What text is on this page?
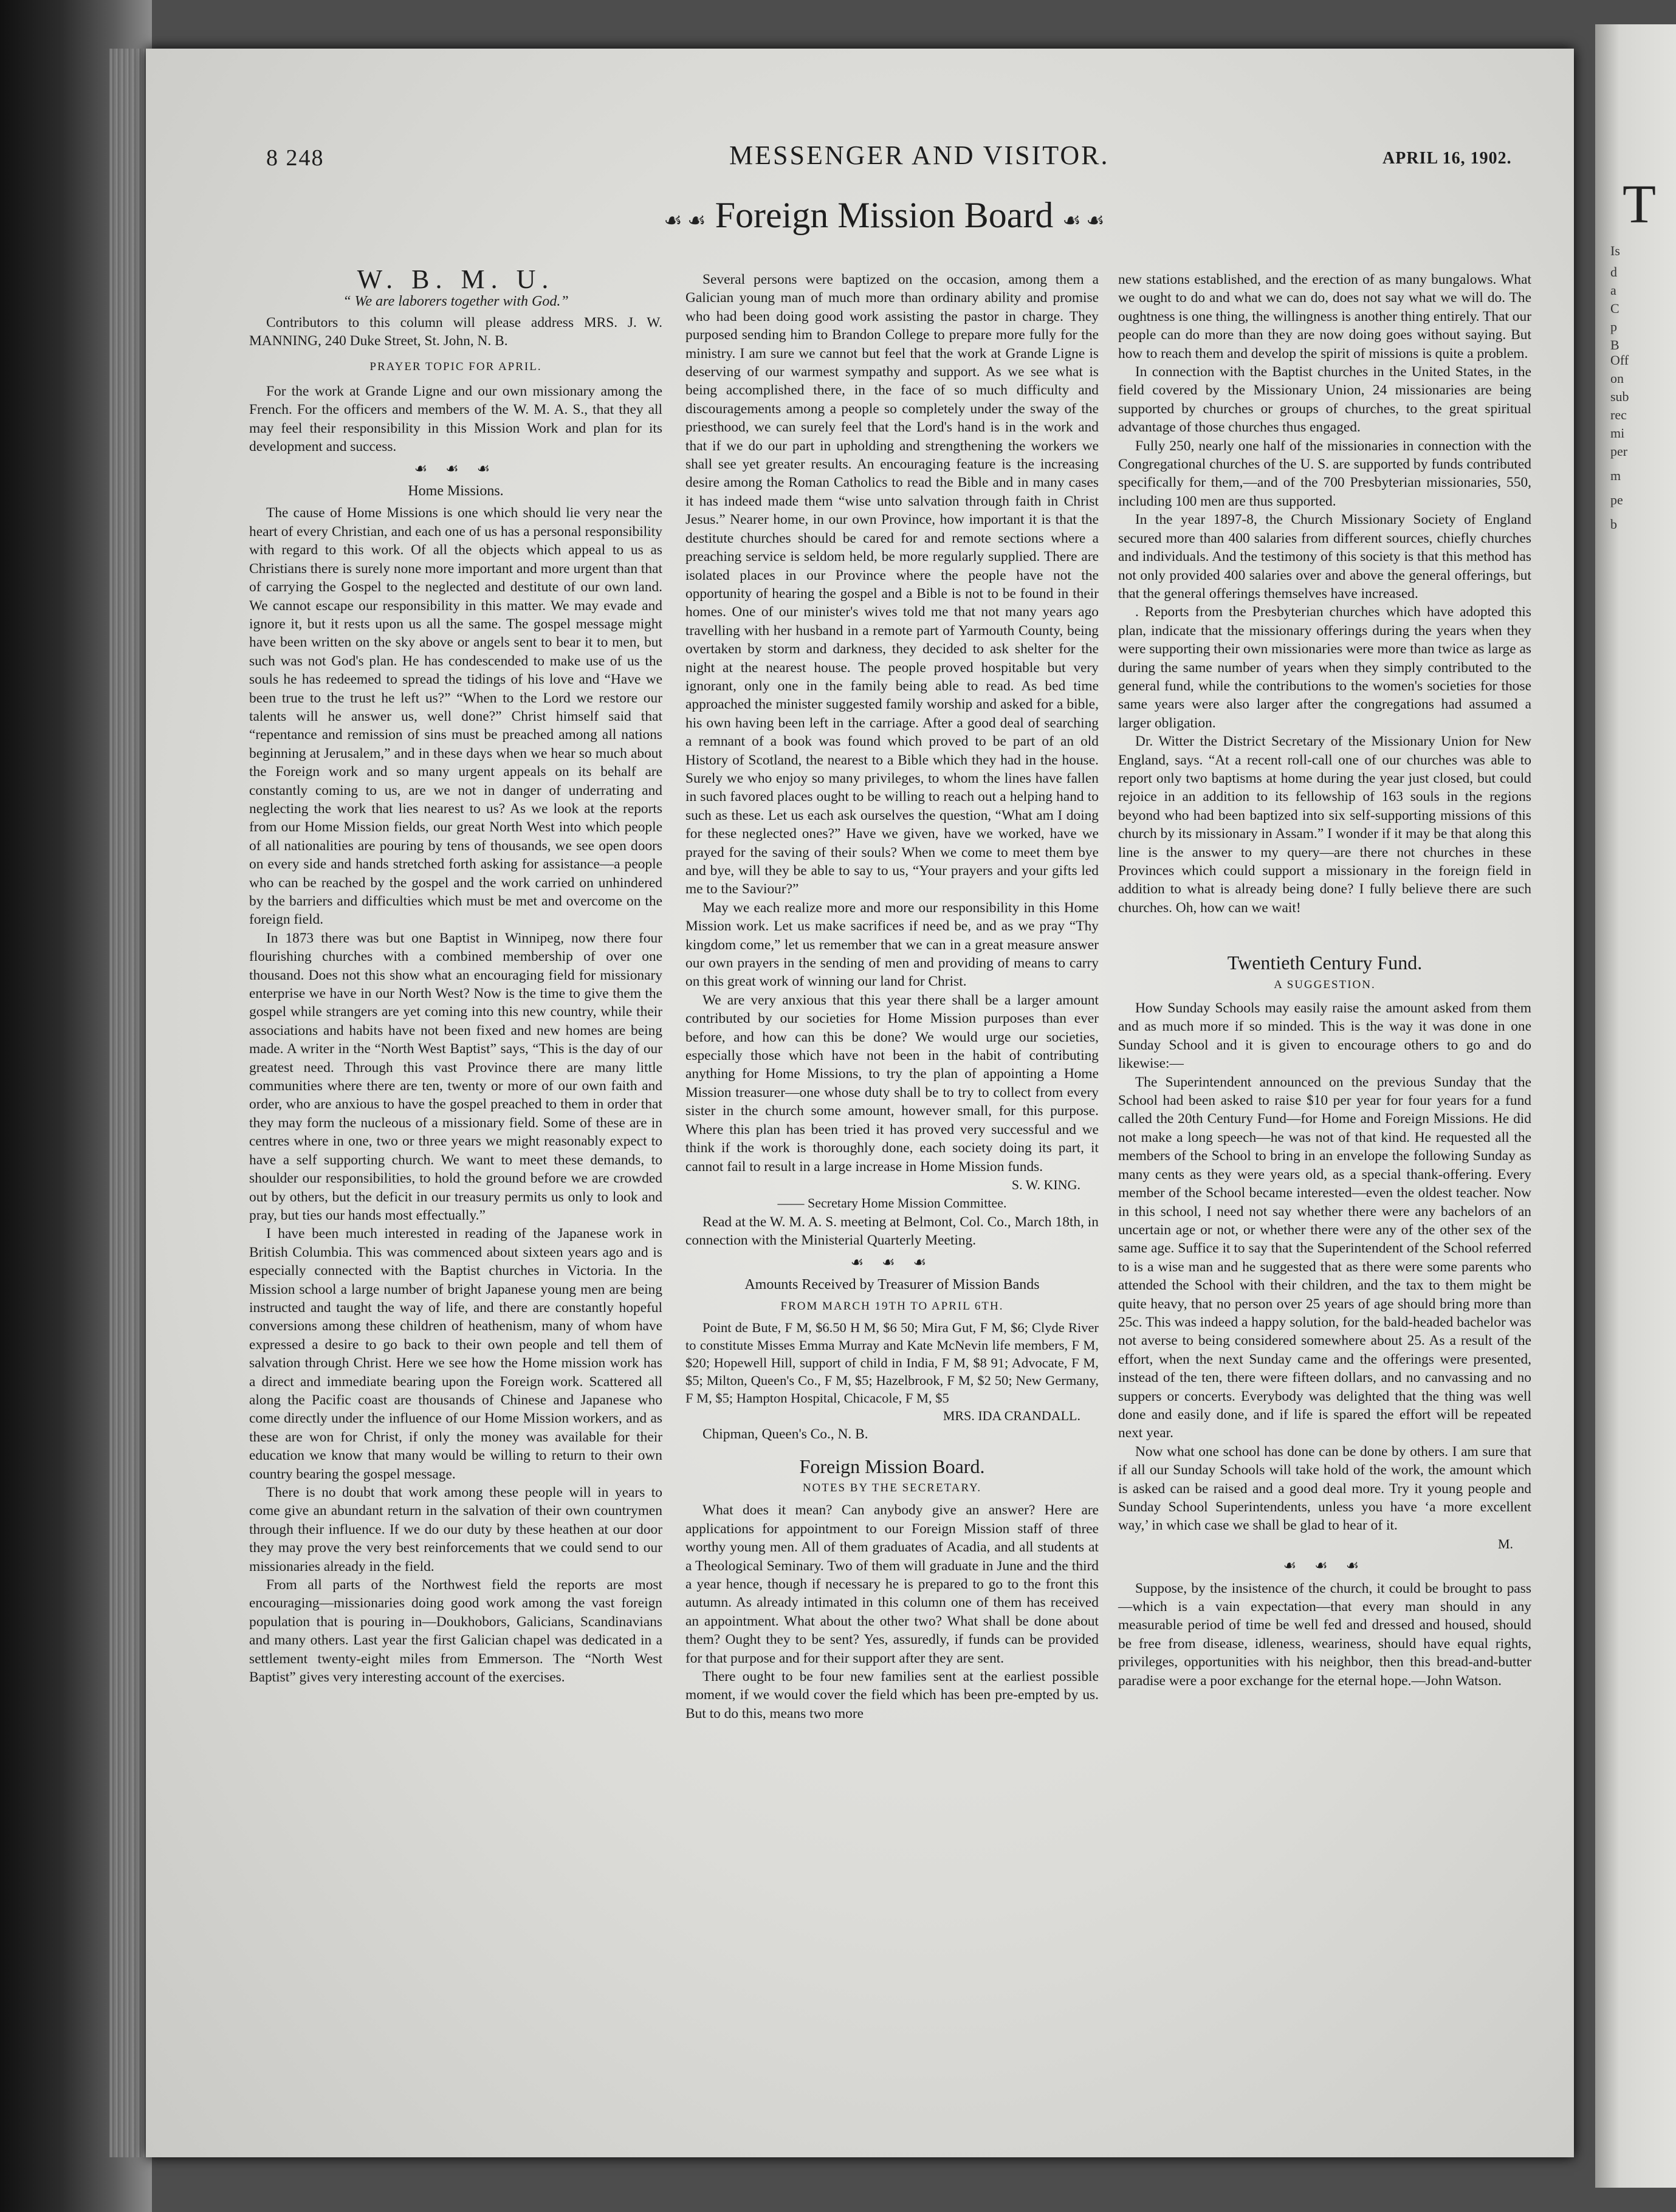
T
Is
d
a
C
p
B
Off
on
sub
rec
mi
per
m
pe
b
8 248	MESSENGER AND VISITOR.	APRIL 16, 1902.
☙ ☙ Foreign Mission Board ☙ ☙
W. B. M. U.
“ We are laborers together with God.”

Contributors to this column will please address MRS. J. W. MANNING, 240 Duke Street, St. John, N. B.

PRAYER TOPIC FOR APRIL.

For the work at Grande Ligne and our own missionary among the French. For the officers and members of the W. M. A. S., that they all may feel their responsibility in this Mission Work and plan for its development and success.

☙ ☙ ☙
Home Missions.

The cause of Home Missions is one which should lie very near the heart of every Christian, and each one of us has a personal responsibility with regard to this work. Of all the objects which appeal to us as Christians there is surely none more important and more urgent than that of carrying the Gospel to the neglected and destitute of our own land. We cannot escape our responsibility in this matter. We may evade and ignore it, but it rests upon us all the same. The gospel message might have been written on the sky above or angels sent to bear it to men, but such was not God's plan. He has condescended to make use of us the souls he has redeemed to spread the tidings of his love and “Have we been true to the trust he left us?” “When to the Lord we restore our talents will he answer us, well done?” Christ himself said that “repentance and remission of sins must be preached among all nations beginning at Jerusalem,” and in these days when we hear so much about the Foreign work and so many urgent appeals on its behalf are constantly coming to us, are we not in danger of underrating and neglecting the work that lies nearest to us? As we look at the reports from our Home Mission fields, our great North West into which people of all nationalities are pouring by tens of thousands, we see open doors on every side and hands stretched forth asking for assistance—a people who can be reached by the gospel and the work carried on unhindered by the barriers and difficulties which must be met and overcome on the foreign field.

In 1873 there was but one Baptist in Winnipeg, now there four flourishing churches with a combined membership of over one thousand. Does not this show what an encouraging field for missionary enterprise we have in our North West? Now is the time to give them the gospel while strangers are yet coming into this new country, while their associations and habits have not been fixed and new homes are being made. A writer in the “North West Baptist” says, “This is the day of our greatest need. Through this vast Province there are many little communities where there are ten, twenty or more of our own faith and order, who are anxious to have the gospel preached to them in order that they may form the nucleous of a missionary field. Some of these are in centres where in one, two or three years we might reasonably expect to have a self supporting church. We want to meet these demands, to shoulder our responsibilities, to hold the ground before we are crowded out by others, but the deficit in our treasury permits us only to look and pray, but ties our hands most effectually.”

I have been much interested in reading of the Japanese work in British Columbia. This was commenced about sixteen years ago and is especially connected with the Baptist churches in Victoria. In the Mission school a large number of bright Japanese young men are being instructed and taught the way of life, and there are constantly hopeful conversions among these children of heathenism, many of whom have expressed a desire to go back to their own people and tell them of salvation through Christ. Here we see how the Home mission work has a direct and immediate bearing upon the Foreign work. Scattered all along the Pacific coast are thousands of Chinese and Japanese who come directly under the influence of our Home Mission workers, and as these are won for Christ, if only the money was available for their education we know that many would be willing to return to their own country bearing the gospel message.

There is no doubt that work among these people will in years to come give an abundant return in the salvation of their own countrymen through their influence. If we do our duty by these heathen at our door they may prove the very best reinforcements that we could send to our missionaries already in the field.

From all parts of the Northwest field the reports are most encouraging—missionaries doing good work among the vast foreign population that is pouring in—Doukhobors, Galicians, Scandinavians and many others. Last year the first Galician chapel was dedicated in a settlement twenty-eight miles from Emmerson. The “North West Baptist” gives very interesting account of the exercises.

Several persons were baptized on the occasion, among them a Galician young man of much more than ordinary ability and promise who had been doing good work assisting the pastor in charge. They purposed sending him to Brandon College to prepare more fully for the ministry. I am sure we cannot but feel that the work at Grande Ligne is deserving of our warmest sympathy and support. As we see what is being accomplished there, in the face of so much difficulty and discouragements among a people so completely under the sway of the priesthood, we can surely feel that the Lord's hand is in the work and that if we do our part in upholding and strengthening the workers we shall see yet greater results. An encouraging feature is the increasing desire among the Roman Catholics to read the Bible and in many cases it has indeed made them “wise unto salvation through faith in Christ Jesus.” Nearer home, in our own Province, how important it is that the destitute churches should be cared for and remote sections where a preaching service is seldom held, be more regularly supplied. There are isolated places in our Province where the people have not the opportunity of hearing the gospel and a Bible is not to be found in their homes. One of our minister's wives told me that not many years ago travelling with her husband in a remote part of Yarmouth County, being overtaken by storm and darkness, they decided to ask shelter for the night at the nearest house. The people proved hospitable but very ignorant, only one in the family being able to read. As bed time approached the minister suggested family worship and asked for a bible, his own having been left in the carriage. After a good deal of searching a remnant of a book was found which proved to be part of an old History of Scotland, the nearest to a Bible which they had in the house. Surely we who enjoy so many privileges, to whom the lines have fallen in such favored places ought to be willing to reach out a helping hand to such as these. Let us each ask ourselves the question, “What am I doing for these neglected ones?” Have we given, have we worked, have we prayed for the saving of their souls? When we come to meet them bye and bye, will they be able to say to us, “Your prayers and your gifts led me to the Saviour?”

May we each realize more and more our responsibility in this Home Mission work. Let us make sacrifices if need be, and as we pray “Thy kingdom come,” let us remember that we can in a great measure answer our own prayers in the sending of men and providing of means to carry on this great work of winning our land for Christ.

We are very anxious that this year there shall be a larger amount contributed by our societies for Home Mission purposes than ever before, and how can this be done? We would urge our societies, especially those which have not been in the habit of contributing anything for Home Missions, to try the plan of appointing a Home Mission treasurer—one whose duty shall be to try to collect from every sister in the church some amount, however small, for this purpose. Where this plan has been tried it has proved very successful and we think if the work is thoroughly done, each society doing its part, it cannot fail to result in a large increase in Home Mission funds.

S. W. KING.
—— Secretary Home Mission Committee.

Read at the W. M. A. S. meeting at Belmont, Col. Co., March 18th, in connection with the Ministerial Quarterly Meeting.

☙ ☙ ☙
Amounts Received by Treasurer of Mission Bands
FROM MARCH 19TH TO APRIL 6TH.

Point de Bute, F M, $6.50 H M, $6 50; Mira Gut, F M, $6; Clyde River to constitute Misses Emma Murray and Kate McNevin life members, F M, $20; Hopewell Hill, support of child in India, F M, $8 91; Advocate, F M, $5; Milton, Queen's Co., F M, $5; Hazelbrook, F M, $2 50; New Germany, F M, $5; Hampton Hospital, Chicacole, F M, $5

MRS. IDA CRANDALL.

Chipman, Queen's Co., N. B.

Foreign Mission Board.
NOTES BY THE SECRETARY.

What does it mean? Can anybody give an answer? Here are applications for appointment to our Foreign Mission staff of three worthy young men. All of them graduates of Acadia, and all students at a Theological Seminary. Two of them will graduate in June and the third a year hence, though if necessary he is prepared to go to the front this autumn. As already intimated in this column one of them has received an appointment. What about the other two? What shall be done about them? Ought they to be sent? Yes, assuredly, if funds can be provided for that purpose and for their support after they are sent.

There ought to be four new families sent at the earliest possible moment, if we would cover the field which has been pre-empted by us. But to do this, means two more

new stations established, and the erection of as many bungalows. What we ought to do and what we can do, does not say what we will do. The oughtness is one thing, the willingness is another thing entirely. That our people can do more than they are now doing goes without saying. But how to reach them and develop the spirit of missions is quite a problem.

In connection with the Baptist churches in the United States, in the field covered by the Missionary Union, 24 missionaries are being supported by churches or groups of churches, to the great spiritual advantage of those churches thus engaged.

Fully 250, nearly one half of the missionaries in connection with the Congregational churches of the U. S. are supported by funds contributed specifically for them,—and of the 700 Presbyterian missionaries, 550, including 100 men are thus supported.

In the year 1897-8, the Church Missionary Society of England secured more than 400 salaries from different sources, chiefly churches and individuals. And the testimony of this society is that this method has not only provided 400 salaries over and above the general offerings, but that the general offerings themselves have increased.

. Reports from the Presbyterian churches which have adopted this plan, indicate that the missionary offerings during the years when they were supporting their own missionaries were more than twice as large as during the same number of years when they simply contributed to the general fund, while the contributions to the women's societies for those same years were also larger after the congregations had assumed a larger obligation.

Dr. Witter the District Secretary of the Missionary Union for New England, says. “At a recent roll-call one of our churches was able to report only two baptisms at home during the year just closed, but could rejoice in an addition to its fellowship of 163 souls in the regions beyond who had been baptized into six self-supporting missions of this church by its missionary in Assam.” I wonder if it may be that along this line is the answer to my query—are there not churches in these Provinces which could support a missionary in the foreign field in addition to what is already being done? I fully believe there are such churches. Oh, how can we wait!

Twentieth Century Fund.
A SUGGESTION.

How Sunday Schools may easily raise the amount asked from them and as much more if so minded. This is the way it was done in one Sunday School and it is given to encourage others to go and do likewise:—

The Superintendent announced on the previous Sunday that the School had been asked to raise $10 per year for four years for a fund called the 20th Century Fund—for Home and Foreign Missions. He did not make a long speech—he was not of that kind. He requested all the members of the School to bring in an envelope the following Sunday as many cents as they were years old, as a special thank-offering. Every member of the School became interested—even the oldest teacher. Now in this school, I need not say whether there were any bachelors of an uncertain age or not, or whether there were any of the other sex of the same age. Suffice it to say that the Superintendent of the School referred to is a wise man and he suggested that as there were some parents who attended the School with their children, and the tax to them might be quite heavy, that no person over 25 years of age should bring more than 25c. This was indeed a happy solution, for the bald-headed bachelor was not averse to being considered somewhere about 25. As a result of the effort, when the next Sunday came and the offerings were presented, instead of the ten, there were fifteen dollars, and no canvassing and no suppers or concerts. Everybody was delighted that the thing was well done and easily done, and if life is spared the effort will be repeated next year.

Now what one school has done can be done by others. I am sure that if all our Sunday Schools will take hold of the work, the amount which is asked can be raised and a good deal more. Try it young people and Sunday School Superintendents, unless you have ‘a more excellent way,’ in which case we shall be glad to hear of it.

M.
☙ ☙ ☙

Suppose, by the insistence of the church, it could be brought to pass—which is a vain expectation—that every man should in any measurable period of time be well fed and dressed and housed, should be free from disease, idleness, weariness, should have equal rights, privileges, opportunities with his neighbor, then this bread-and-butter paradise were a poor exchange for the eternal hope.—John Watson.
